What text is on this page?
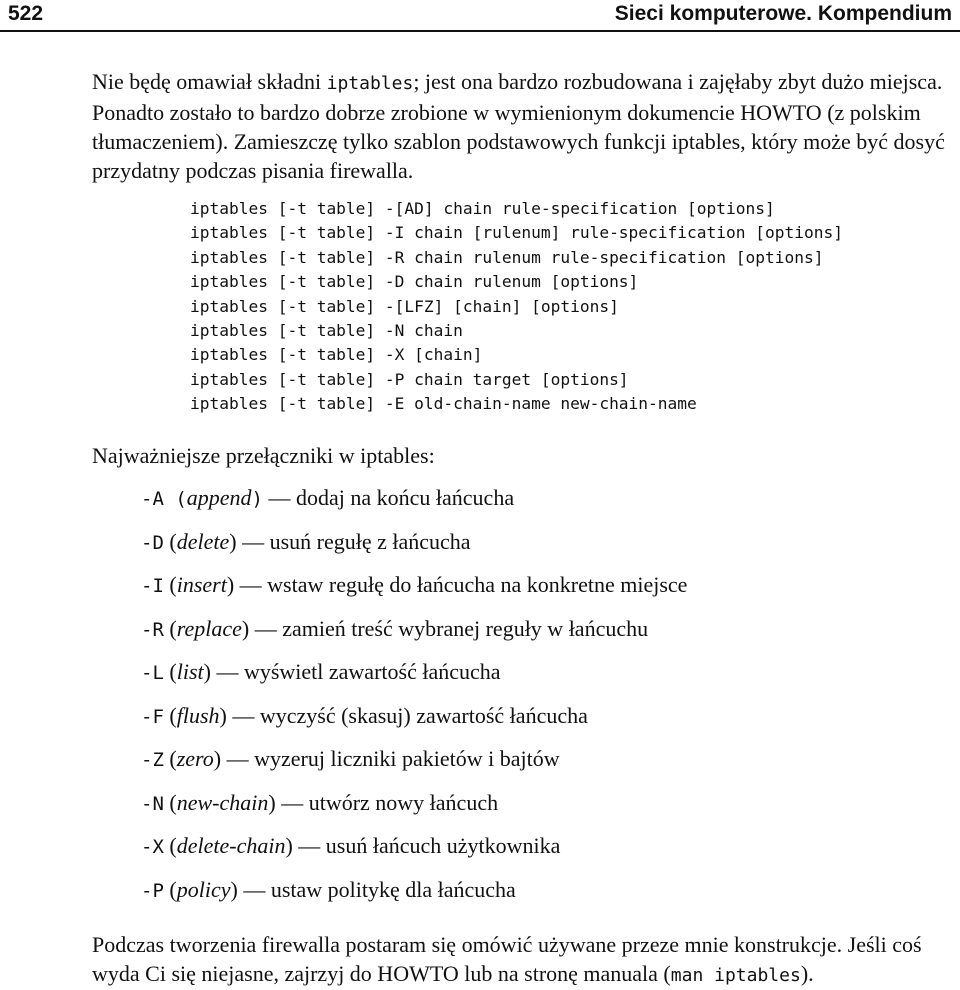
522	Sieci komputerowe. Kompendium

Nie będę omawiał składni iptables; jest ona bardzo rozbudowana i zajęłaby zbyt dużo miejsca. Ponadto zostało to bardzo dobrze zrobione w wymienionym dokumencie HOWTO (z polskim tłumaczeniem). Zamieszczę tylko szablon podstawowych funkcji iptables, który może być dosyć przydatny podczas pisania firewalla.

iptables [-t table] -[AD] chain rule-specification [options]
iptables [-t table] -I chain [rulenum] rule-specification [options]
iptables [-t table] -R chain rulenum rule-specification [options]
iptables [-t table] -D chain rulenum [options]
iptables [-t table] -[LFZ] [chain] [options]
iptables [-t table] -N chain
iptables [-t table] -X [chain]
iptables [-t table] -P chain target [options]
iptables [-t table] -E old-chain-name new-chain-name

Najważniejsze przełączniki w iptables:

-A (append) — dodaj na końcu łańcucha
-D (delete) — usuń regułę z łańcucha
-I (insert) — wstaw regułę do łańcucha na konkretne miejsce
-R (replace) — zamień treść wybranej reguły w łańcuchu
-L (list) — wyświetl zawartość łańcucha
-F (flush) — wyczyść (skasuj) zawartość łańcucha
-Z (zero) — wyzeruj liczniki pakietów i bajtów
-N (new-chain) — utwórz nowy łańcuch
-X (delete-chain) — usuń łańcuch użytkownika
-P (policy) — ustaw politykę dla łańcucha

Podczas tworzenia firewalla postaram się omówić używane przeze mnie konstrukcje. Jeśli coś wyda Ci się niejasne, zajrzyj do HOWTO lub na stronę manuala (man iptables).
